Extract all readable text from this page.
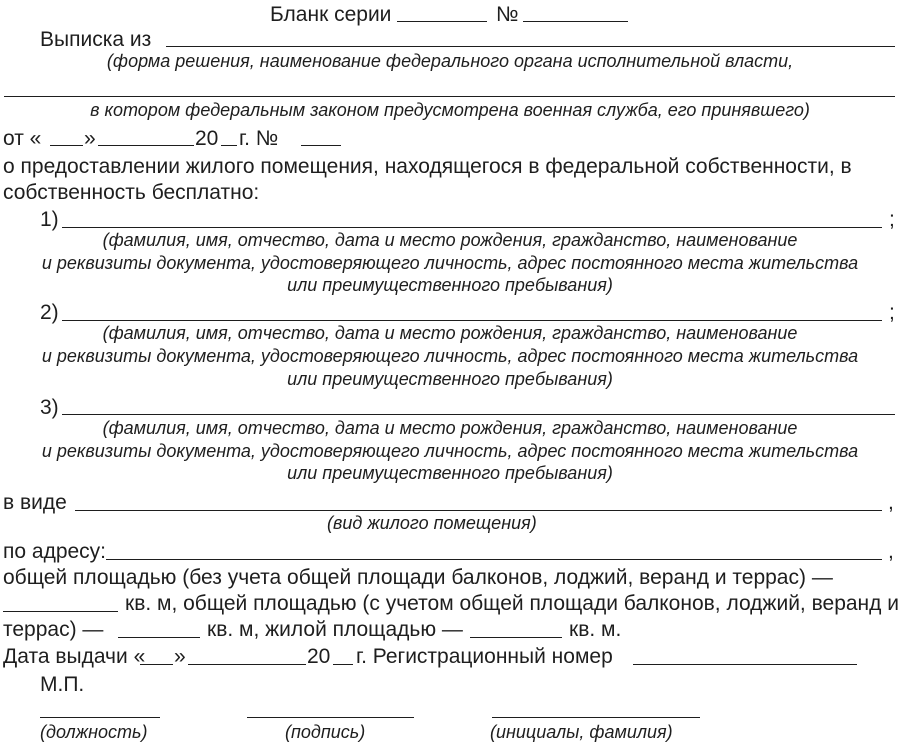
Бланк серии	№
Выписка из
(форма решения, наименование федерального органа исполнительной власти,
в котором федеральным законом предусмотрена военная служба, его принявшего)
от « »	20 г. №
о предоставлении жилого помещения, находящегося в федеральной собственности, в
собственность бесплатно:
1)	;
(фамилия, имя, отчество, дата и место рождения, гражданство, наименование
и реквизиты документа, удостоверяющего личность, адрес постоянного места жительства
или преимущественного пребывания)
2)	;
(фамилия, имя, отчество, дата и место рождения, гражданство, наименование
и реквизиты документа, удостоверяющего личность, адрес постоянного места жительства
или преимущественного пребывания)
3)
(фамилия, имя, отчество, дата и место рождения, гражданство, наименование
и реквизиты документа, удостоверяющего личность, адрес постоянного места жительства
или преимущественного пребывания)
в виде	,
(вид жилого помещения)
по адресу:	,
общей площадью (без учета общей площади балконов, лоджий, веранд и террас) —
кв. м, общей площадью (с учетом общей площади балконов, лоджий, веранд и
террас) —	кв. м, жилой площадью —	кв. м.
Дата выдачи « »	20 г. Регистрационный номер
М.П.
(должность)	(подпись)	(инициалы, фамилия)
